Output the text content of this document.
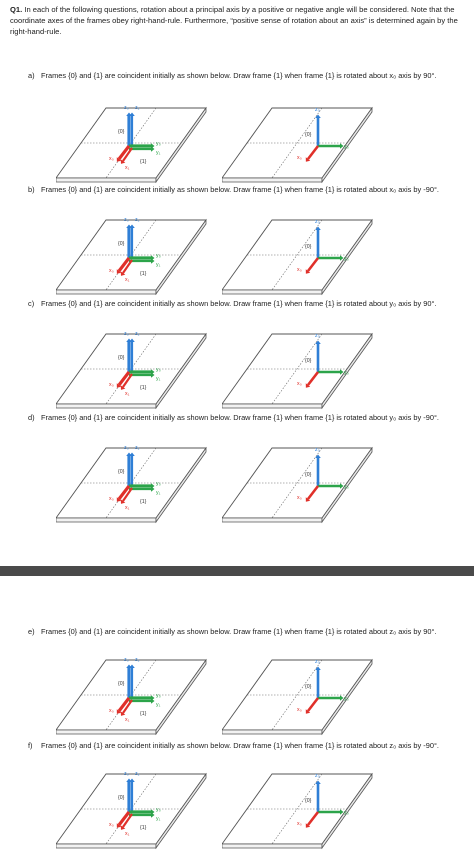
Q1. In each of the following questions, rotation about a principal axis by a positive or negative angle will be considered. Note that the coordinate axes of the frames obey right-hand-rule. Furthermore, “positive sense of rotation about an axis” is determined again by the right-hand-rule.
a) Frames {0} and {1} are coincident initially as shown below. Draw frame {1} when frame {1} is rotated about x₀ axis by 90°.
z₀ z₁
y₀
y₁
x₀
x₁
{0}
{1}
z₀
y₀
x₀
{0}
b) Frames {0} and {1} are coincident initially as shown below. Draw frame {1} when frame {1} is rotated about x₀ axis by -90°.
z₀ z₁
y₀
y₁
x₀
x₁
{0}
{1}
z₀
y₀
x₀
{0}
c) Frames {0} and {1} are coincident initially as shown below. Draw frame {1} when frame {1} is rotated about y₀ axis by 90°.
z₀ z₁
y₀
y₁
x₀
x₁
{0}
{1}
z₀
y₀
x₀
{0}
d) Frames {0} and {1} are coincident initially as shown below. Draw frame {1} when frame {1} is rotated about y₀ axis by -90°.
z₀ z₁
y₀
y₁
x₀
x₁
{0}
{1}
z₀
y₀
x₀
{0}
e) Frames {0} and {1} are coincident initially as shown below. Draw frame {1} when frame {1} is rotated about z₀ axis by 90°.
z₀ z₁
y₀
y₁
x₀
x₁
{0}
{1}
z₀
y₀
x₀
{0}
f)	Frames {0} and {1} are coincident initially as shown below. Draw frame {1} when frame {1} is rotated about z₀ axis by -90°.
z₀ z₁
y₀
y₁
x₀
x₁
{0}
{1}
z₀
y₀
x₀
{0}
